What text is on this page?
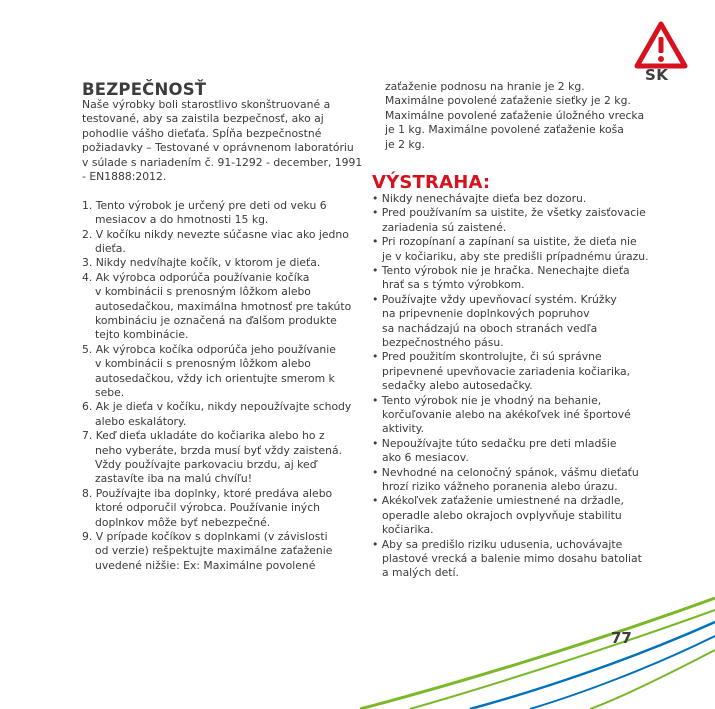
SK
BEZPEČNOSŤ
VÝSTRAHA:
Naše výrobky boli starostlivo skonštruované a
testované, aby sa zaistila bezpečnosť, ako aj
pohodlie vášho dieťaťa. Spĺňa bezpečnostné
požiadavky – Testované v oprávnenom laboratóriu
v súlade s nariadením č. 91-1292 - december, 1991
- EN1888:2012.
1. Tento výrobok je určený pre deti od veku 6
mesiacov a do hmotnosti 15 kg.
2. V kočíku nikdy nevezte súčasne viac ako jedno
dieťa.
3. Nikdy nedvíhajte kočík, v ktorom je dieťa.
4. Ak výrobca odporúča používanie kočíka
v kombinácii s prenosným lôžkom alebo
autosedačkou, maximálna hmotnosť pre takúto
kombináciu je označená na ďalšom produkte
tejto kombinácie.
5. Ak výrobca kočíka odporúča jeho používanie
v kombinácii s prenosným lôžkom alebo
autosedačkou, vždy ich orientujte smerom k
sebe.
6. Ak je dieťa v kočíku, nikdy nepoužívajte schody
alebo eskalátory.
7. Keď dieťa ukladáte do kočiarika alebo ho z
neho vyberáte, brzda musí byť vždy zaistená.
Vždy používajte parkovaciu brzdu, aj keď
zastavíte iba na malú chvíľu!
8. Používajte iba doplnky, ktoré predáva alebo
ktoré odporučil výrobca. Používanie iných
doplnkov môže byť nebezpečné.
9. V prípade kočíkov s doplnkami (v závislosti
od verzie) rešpektujte maximálne zaťaženie
uvedené nižšie: Ex: Maximálne povolené
zaťaženie podnosu na hranie je 2 kg.
Maximálne povolené zaťaženie sieťky je 2 kg.
Maximálne povolené zaťaženie úložného vrecka
je 1 kg. Maximálne povolené zaťaženie koša
je 2 kg.
• Nikdy nenechávajte dieťa bez dozoru.
• Pred používaním sa uistite, že všetky zaisťovacie
zariadenia sú zaistené.
• Pri rozopínaní a zapínaní sa uistite, že dieťa nie
je v kočiariku, aby ste predišli prípadnému úrazu.
• Tento výrobok nie je hračka. Nenechajte dieťa
hrať sa s týmto výrobkom.
• Používajte vždy upevňovací systém. Krúžky
na pripevnenie doplnkových popruhov
sa nachádzajú na oboch stranách vedľa
bezpečnostného pásu.
• Pred použitím skontrolujte, či sú správne
pripevnené upevňovacie zariadenia kočiarika,
sedačky alebo autosedačky.
• Tento výrobok nie je vhodný na behanie,
korčuľovanie alebo na akékoľvek iné športové
aktivity.
• Nepoužívajte túto sedačku pre deti mladšie
ako 6 mesiacov.
• Nevhodné na celonočný spánok, vášmu dieťaťu
hrozí riziko vážneho poranenia alebo úrazu.
• Akékoľvek zaťaženie umiestnené na držadle,
operadle alebo okrajoch ovplyvňuje stabilitu
kočiarika.
• Aby sa predišlo riziku udusenia, uchovávajte
plastové vrecká a balenie mimo dosahu batoliat
a malých detí.
77
